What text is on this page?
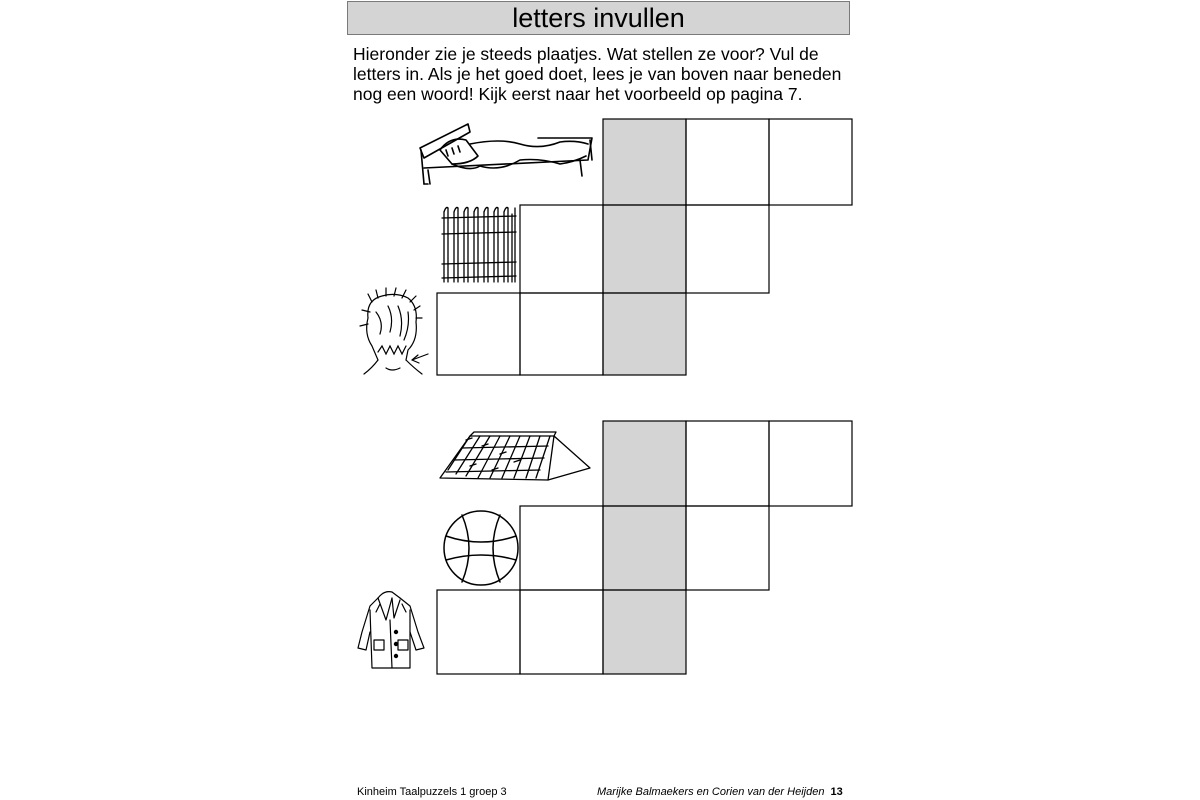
letters invullen
Hieronder zie je steeds plaatjes. Wat stellen ze voor? Vul de
letters in. Als je het goed doet, lees je van boven naar beneden
nog een woord! Kijk eerst naar het voorbeeld op pagina 7.
Kinheim Taalpuzzels 1 groep 3	Marijke Balmaekers en Corien van der Heijden 13
